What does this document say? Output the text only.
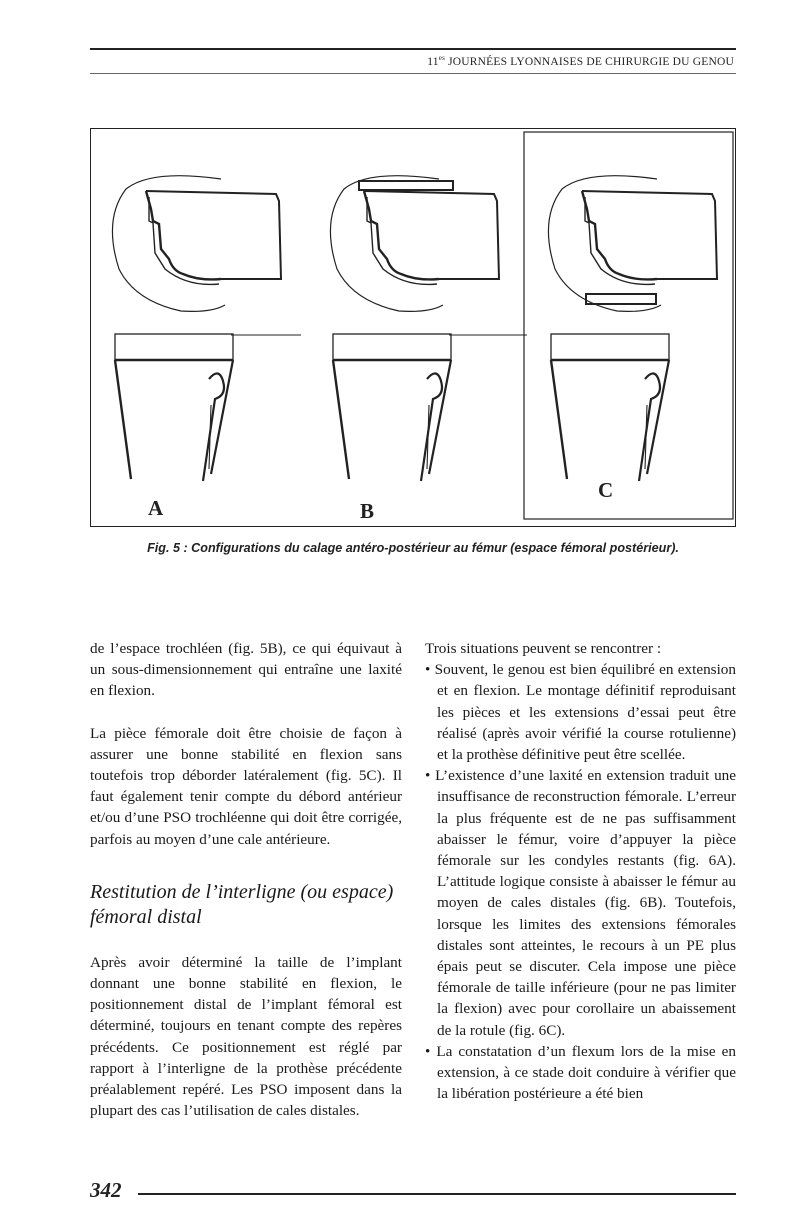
$11^{es}$ JOURNÉES LYONNAISES DE CHIRURGIE DU GENOU
A	B
C
Fig. 5 : Configurations du calage antéro-postérieur au fémur (espace fémoral postérieur).

de l’espace trochléen (fig. 5B), ce qui équivaut à un sous-dimensionnement qui entraîne une laxité en flexion.

La pièce fémorale doit être choisie de façon à assurer une bonne stabilité en flexion sans toutefois trop déborder latéralement (fig. 5C). Il faut également tenir compte du débord antérieur et/ou d’une PSO trochléenne qui doit être corrigée, parfois au moyen d’une cale antérieure.

Restitution de l’interligne (ou espace) fémoral distal

Après avoir déterminé la taille de l’implant donnant une bonne stabilité en flexion, le positionnement distal de l’implant fémoral est déterminé, toujours en tenant compte des repères précédents. Ce positionnement est réglé par rapport à l’interligne de la prothèse précédente préalablement repéré. Les PSO imposent dans la plupart des cas l’utilisation de cales distales.

Trois situations peuvent se rencontrer :

• Souvent, le genou est bien équilibré en extension et en flexion. Le montage définitif reproduisant les pièces et les extensions d’essai peut être réalisé (après avoir vérifié la course rotulienne) et la prothèse définitive peut être scellée.

• L’existence d’une laxité en extension traduit une insuffisance de reconstruction fémorale. L’erreur la plus fréquente est de ne pas suffisamment abaisser le fémur, voire d’appuyer la pièce fémorale sur les condyles restants (fig. 6A). L’attitude logique consiste à abaisser le fémur au moyen de cales distales (fig. 6B). Toutefois, lorsque les limites des extensions fémorales distales sont atteintes, le recours à un PE plus épais peut se discuter. Cela impose une pièce fémorale de taille inférieure (pour ne pas limiter la flexion) avec pour corollaire un abaissement de la rotule (fig. 6C).

• La constatation d’un flexum lors de la mise en extension, à ce stade doit conduire à vérifier que la libération postérieure a été bien

342
